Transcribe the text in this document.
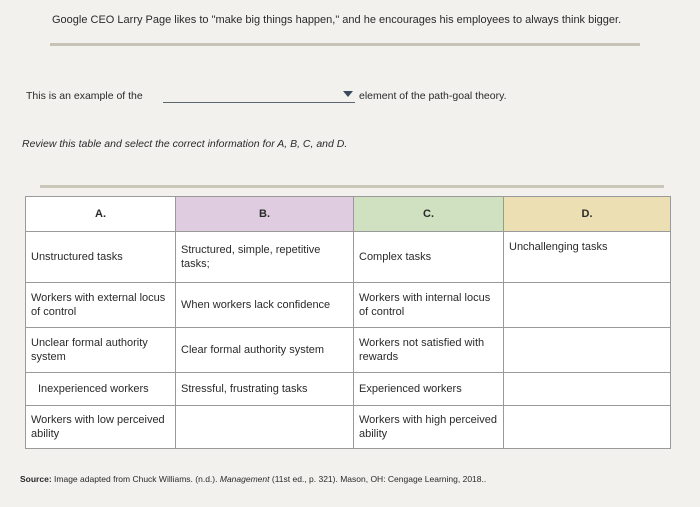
Google CEO Larry Page likes to "make big things happen," and he encourages his employees to always think bigger.
This is an example of the	element of the path-goal theory.
Review this table and select the correct information for A, B, C, and D.
A.	B.	C.	D.
Unstructured tasks	Structured, simple, repetitive tasks;	Complex tasks	Unchallenging tasks
Workers with external locus of control	When workers lack confidence	Workers with internal locus of control	
Unclear formal authority system	Clear formal authority system	Workers not satisfied with rewards	
Inexperienced workers	Stressful, frustrating tasks	Experienced workers	
Workers with low perceived ability		Workers with high perceived ability	
Source: Image adapted from Chuck Williams. (n.d.). Management (11st ed., p. 321). Mason, OH: Cengage Learning, 2018..
